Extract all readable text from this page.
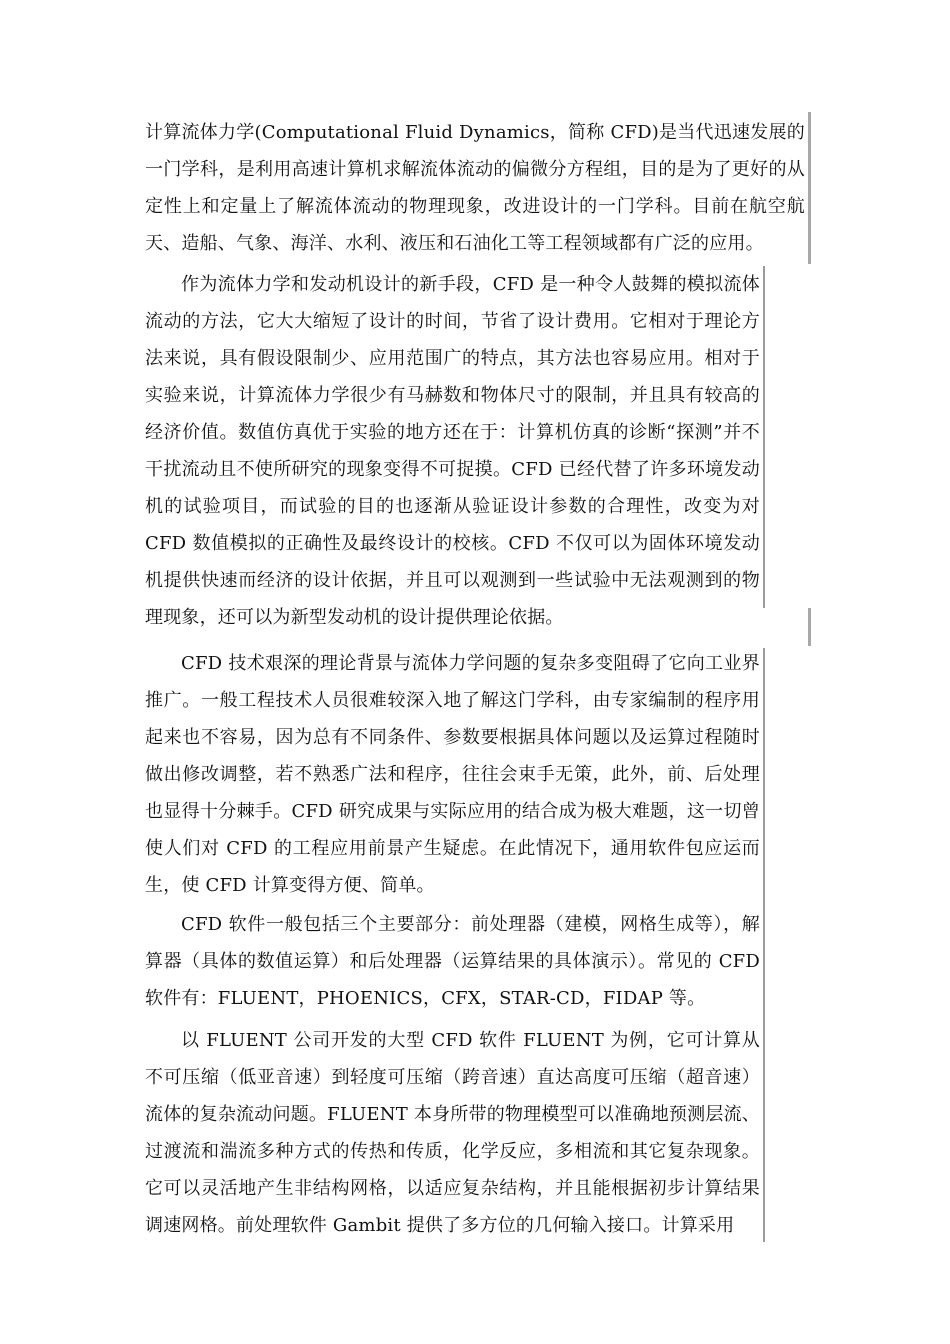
计算流体力学(Computational Fluid Dynamics，简称 CFD)是当代迅速发展的一门学科，是利用高速计算机求解流体流动的偏微分方程组，目的是为了更好的从定性上和定量上了解流体流动的物理现象，改进设计的一门学科。目前在航空航天、造船、气象、海洋、水利、液压和石油化工等工程领域都有广泛的应用。

作为流体力学和发动机设计的新手段，CFD 是一种令人鼓舞的模拟流体流动的方法，它大大缩短了设计的时间，节省了设计费用。它相对于理论方法来说，具有假设限制少、应用范围广的特点，其方法也容易应用。相对于实验来说，计算流体力学很少有马赫数和物体尺寸的限制，并且具有较高的经济价值。数值仿真优于实验的地方还在于：计算机仿真的诊断“探测”并不干扰流动且不使所研究的现象变得不可捉摸。CFD 已经代替了许多环境发动机的试验项目，而试验的目的也逐渐从验证设计参数的合理性，改变为对 CFD 数值模拟的正确性及最终设计的校核。CFD 不仅可以为固体环境发动机提供快速而经济的设计依据，并且可以观测到一些试验中无法观测到的物理现象，还可以为新型发动机的设计提供理论依据。

CFD 技术艰深的理论背景与流体力学问题的复杂多变阻碍了它向工业界推广。一般工程技术人员很难较深入地了解这门学科，由专家编制的程序用起来也不容易，因为总有不同条件、参数要根据具体问题以及运算过程随时做出修改调整，若不熟悉广法和程序，往往会束手无策，此外，前、后处理也显得十分棘手。CFD 研究成果与实际应用的结合成为极大难题，这一切曾使人们对 CFD 的工程应用前景产生疑虑。在此情况下，通用软件包应运而生，使 CFD 计算变得方便、简单。

CFD 软件一般包括三个主要部分：前处理器（建模，网格生成等），解算器（具体的数值运算）和后处理器（运算结果的具体演示）。常见的 CFD 软件有：FLUENT，PHOENICS，CFX，STAR-CD，FIDAP 等。

以 FLUENT 公司开发的大型 CFD 软件 FLUENT 为例，它可计算从不可压缩（低亚音速）到轻度可压缩（跨音速）直达高度可压缩（超音速）流体的复杂流动问题。FLUENT 本身所带的物理模型可以准确地预测层流、过渡流和湍流多种方式的传热和传质，化学反应，多相流和其它复杂现象。它可以灵活地产生非结构网格，以适应复杂结构，并且能根据初步计算结果调速网格。前处理软件 Gambit 提供了多方位的几何输入接口。计算采用
